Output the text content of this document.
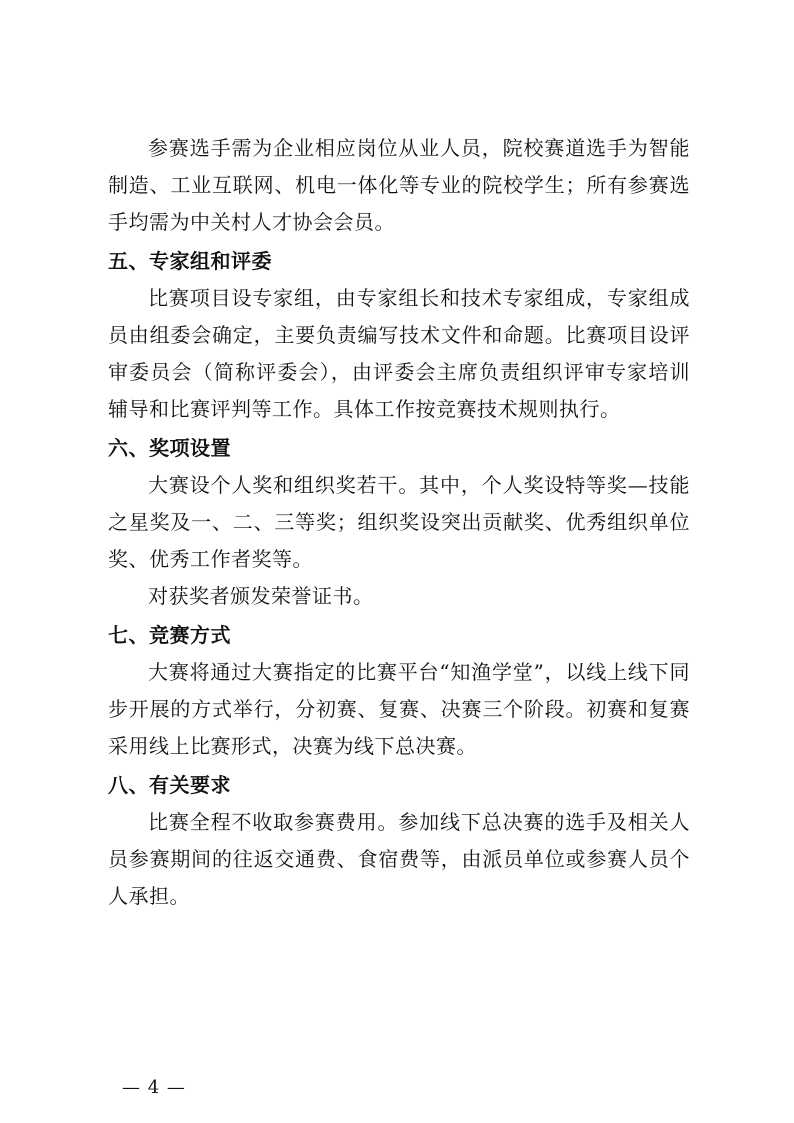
参赛选手需为企业相应岗位从业人员，院校赛道选手为智能制造、工业互联网、机电一体化等专业的院校学生；所有参赛选手均需为中关村人才协会会员。

五、专家组和评委

比赛项目设专家组，由专家组长和技术专家组成，专家组成员由组委会确定，主要负责编写技术文件和命题。比赛项目设评审委员会（简称评委会），由评委会主席负责组织评审专家培训辅导和比赛评判等工作。具体工作按竞赛技术规则执行。

六、奖项设置

大赛设个人奖和组织奖若干。其中，个人奖设特等奖—技能之星奖及一、二、三等奖；组织奖设突出贡献奖、优秀组织单位奖、优秀工作者奖等。

对获奖者颁发荣誉证书。

七、竞赛方式

大赛将通过大赛指定的比赛平台“知渔学堂”，以线上线下同步开展的方式举行，分初赛、复赛、决赛三个阶段。初赛和复赛采用线上比赛形式，决赛为线下总决赛。

八、有关要求

比赛全程不收取参赛费用。参加线下总决赛的选手及相关人员参赛期间的往返交通费、食宿费等，由派员单位或参赛人员个人承担。

— 4 —
